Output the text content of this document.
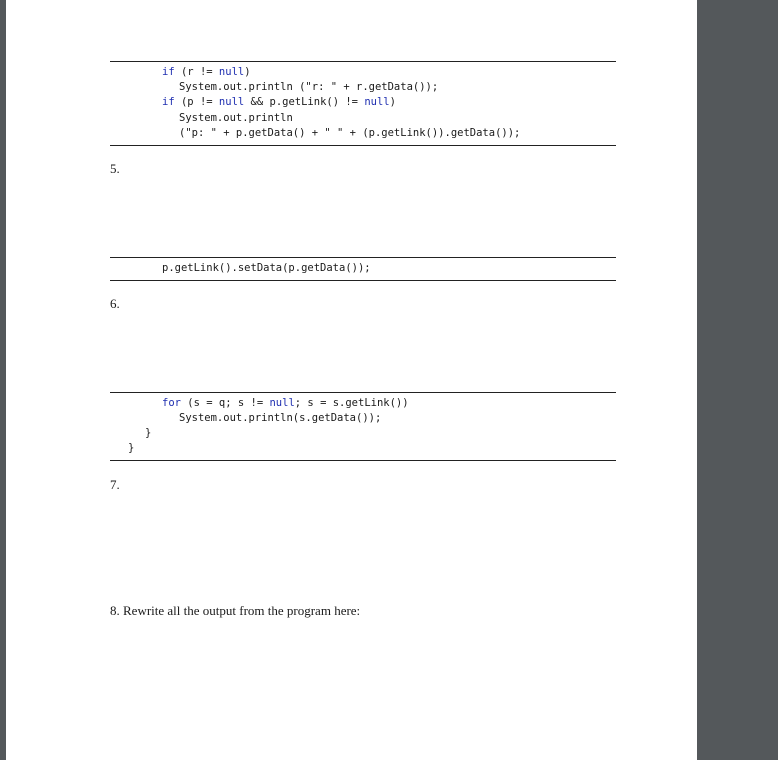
if (r != null)
System.out.println ("r: " + r.getData());
if (p != null && p.getLink() != null)
System.out.println
("p: " + p.getData() + " " + (p.getLink()).getData());
5.
p.getLink().setData(p.getData());
6.
for (s = q; s != null; s = s.getLink())
System.out.println(s.getData());
}
}
7.
8. Rewrite all the output from the program here:
